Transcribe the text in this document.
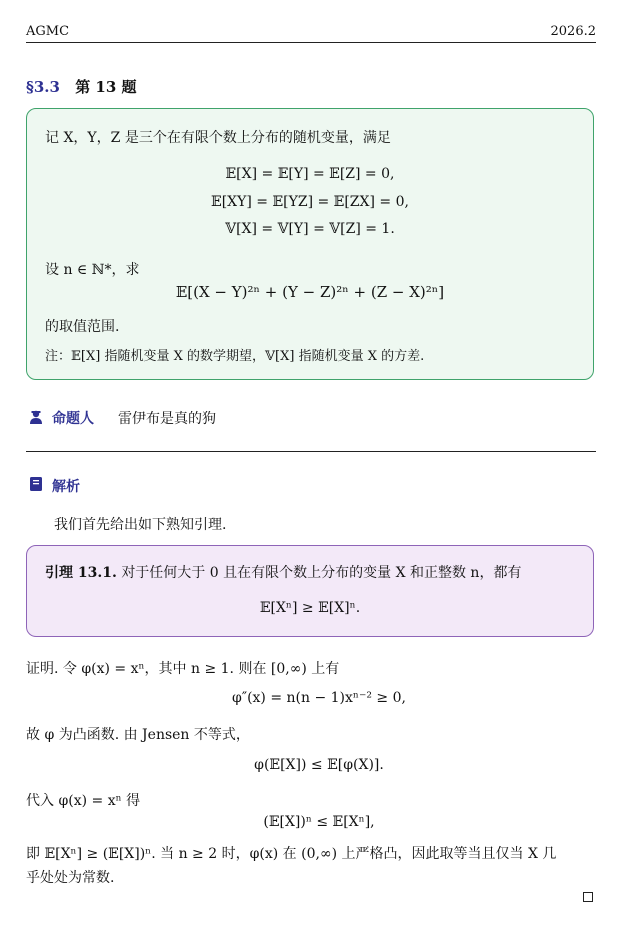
AGMC	2026.2
§3.3 第 13 题
记 X，Y，Z 是三个在有限个数上分布的随机变量，满足
𝔼[X] = 𝔼[Y] = 𝔼[Z] = 0,
𝔼[XY] = 𝔼[YZ] = 𝔼[ZX] = 0,
𝕍[X] = 𝕍[Y] = 𝕍[Z] = 1.
设 n ∈ ℕ*，求
𝔼[(X − Y)²ⁿ + (Y − Z)²ⁿ + (Z − X)²ⁿ]
的取值范围.
注：𝔼[X] 指随机变量 X 的数学期望，𝕍[X] 指随机变量 X 的方差.
命题人 雷伊布是真的狗
解析
我们首先给出如下熟知引理.
引理 13.1. 对于任何大于 0 且在有限个数上分布的变量 X 和正整数 n，都有
𝔼[Xⁿ] ≥ 𝔼[X]ⁿ.
证明. 令 φ(x) = xⁿ，其中 n ≥ 1. 则在 [0,∞) 上有
φ″(x) = n(n − 1)xⁿ⁻² ≥ 0,
故 φ 为凸函数. 由 Jensen 不等式，
φ(𝔼[X]) ≤ 𝔼[φ(X)].
代入 φ(x) = xⁿ 得
(𝔼[X])ⁿ ≤ 𝔼[Xⁿ],
即 𝔼[Xⁿ] ≥ (𝔼[X])ⁿ. 当 n ≥ 2 时，φ(x) 在 (0,∞) 上严格凸，因此取等当且仅当 X 几
乎处处为常数.
